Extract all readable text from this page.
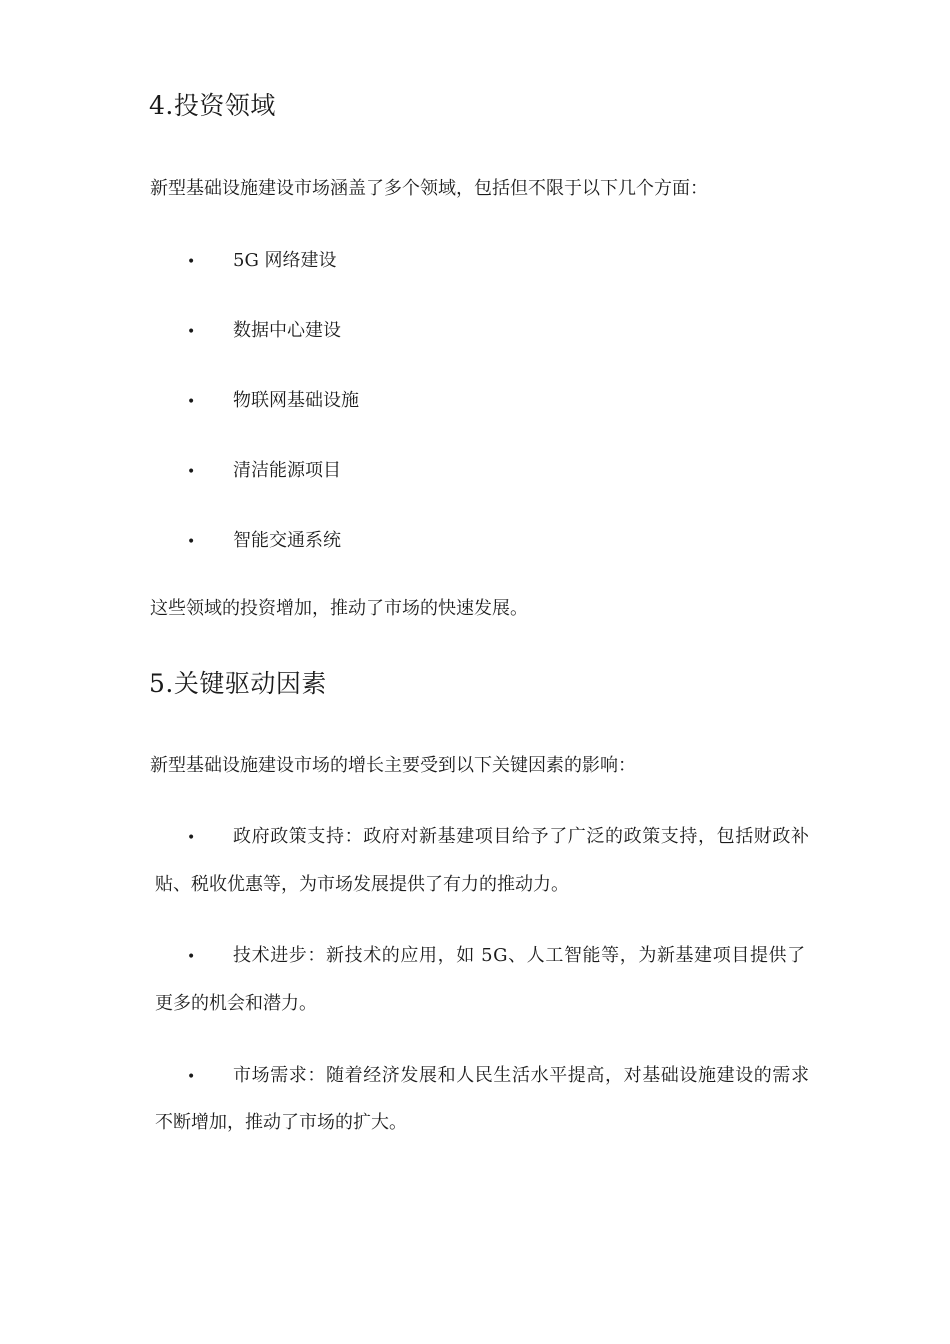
4.投资领域
新型基础设施建设市场涵盖了多个领域，包括但不限于以下几个方面：
• 5G 网络建设
• 数据中心建设
• 物联网基础设施
• 清洁能源项目
• 智能交通系统
这些领域的投资增加，推动了市场的快速发展。
5.关键驱动因素
新型基础设施建设市场的增长主要受到以下关键因素的影响：
• 政府政策支持：政府对新基建项目给予了广泛的政策支持，包括财政补
贴、税收优惠等，为市场发展提供了有力的推动力。
• 技术进步：新技术的应用，如 5G、人工智能等，为新基建项目提供了
更多的机会和潜力。
• 市场需求：随着经济发展和人民生活水平提高，对基础设施建设的需求
不断增加，推动了市场的扩大。
